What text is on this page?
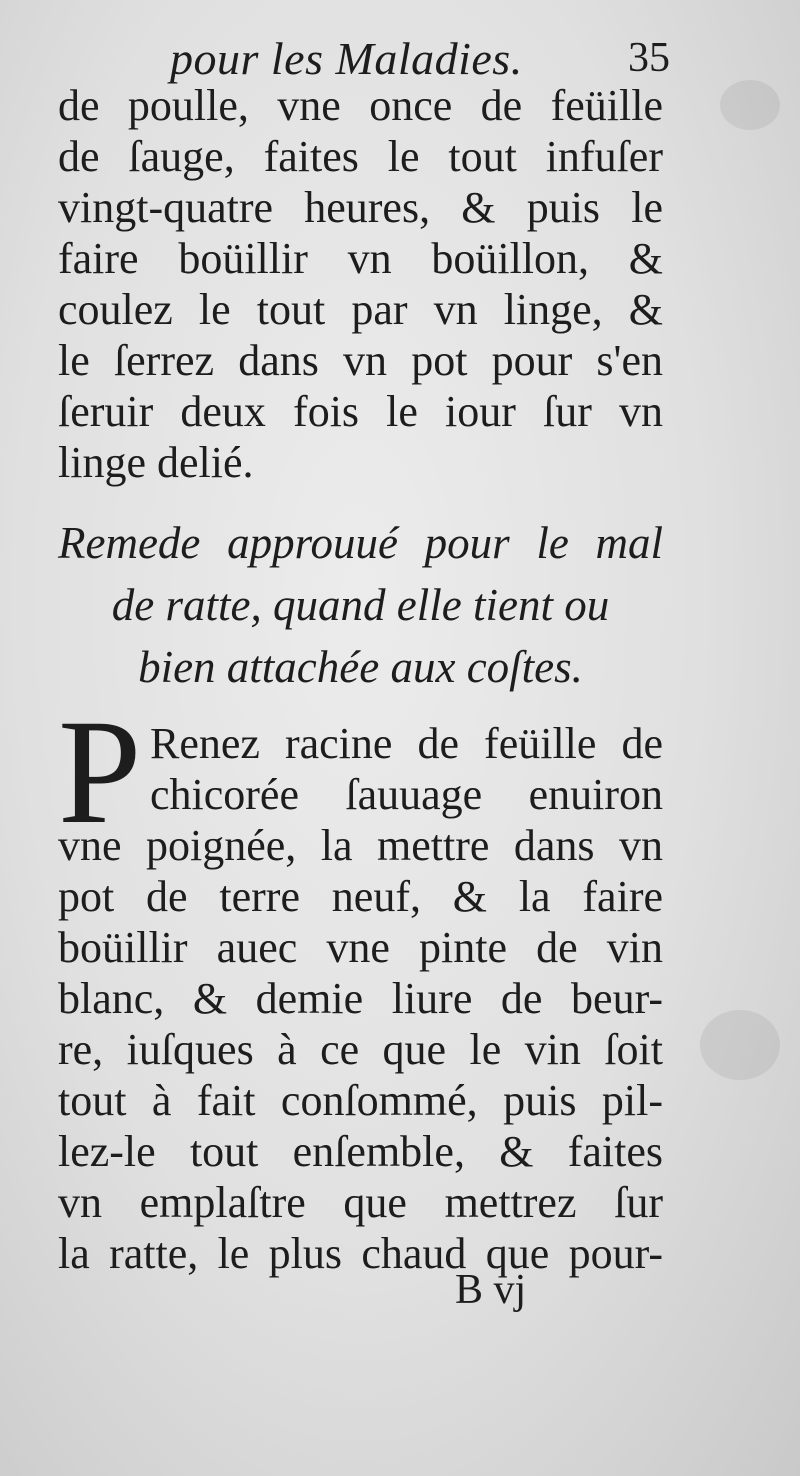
pour les Maladies.	35
de poulle, vne once de feüille
de ſauge, faites le tout infuſer
vingt-quatre heures, & puis le
faire boüillir vn boüillon, &
coulez le tout par vn linge, &
le ſerrez dans vn pot pour s'en
ſeruir deux fois le iour ſur vn
linge delié.
Remede approuué pour le mal
de ratte, quand elle tient ou
bien attachée aux coſtes.
P Renez racine de feüille de
chicorée ſauuage enuiron
vne poignée, la mettre dans vn
pot de terre neuf, & la faire
boüillir auec vne pinte de vin
blanc, & demie liure de beur-
re, iuſques à ce que le vin ſoit
tout à fait conſommé, puis pil-
lez-le tout enſemble, & faites
vn emplaſtre que mettrez ſur
la ratte, le plus chaud que pour-
B vj
